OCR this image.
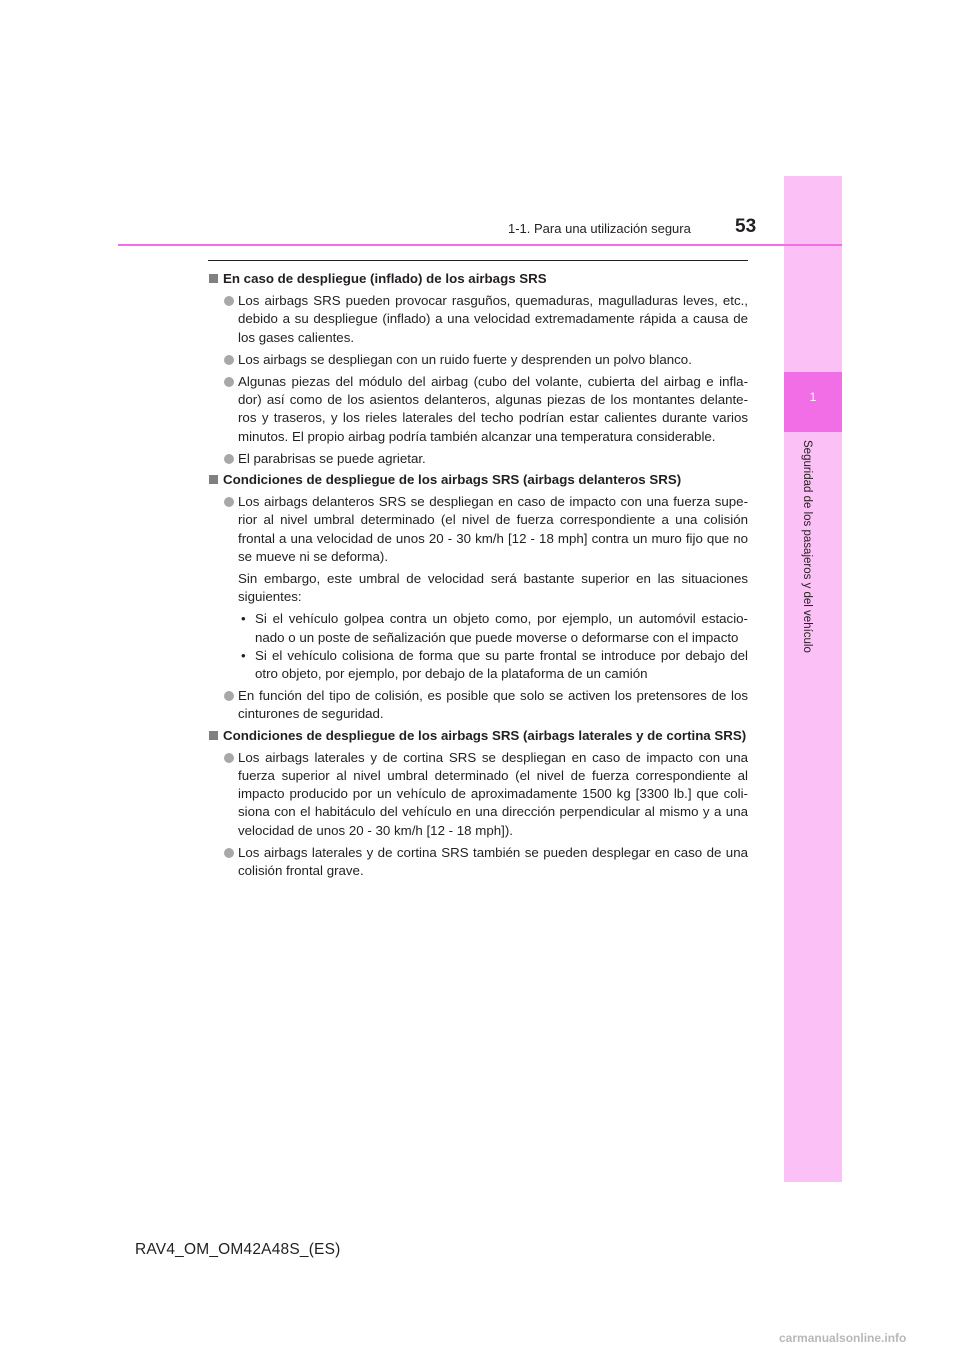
1
Seguridad de los pasajeros y del vehículo
1-1. Para una utilización segura 53
En caso de despliegue (inflado) de los airbags SRS
Los airbags SRS pueden provocar rasguños, quemaduras, magulladuras leves, etc., debido a su despliegue (inflado) a una velocidad extremadamente rápida a causa de los gases calientes.
Los airbags se despliegan con un ruido fuerte y desprenden un polvo blanco.
Algunas piezas del módulo del airbag (cubo del volante, cubierta del airbag e infla-dor) así como de los asientos delanteros, algunas piezas de los montantes delante-ros y traseros, y los rieles laterales del techo podrían estar calientes durante varios minutos. El propio airbag podría también alcanzar una temperatura considerable.
El parabrisas se puede agrietar.
Condiciones de despliegue de los airbags SRS (airbags delanteros SRS)
Los airbags delanteros SRS se despliegan en caso de impacto con una fuerza supe-rior al nivel umbral determinado (el nivel de fuerza correspondiente a una colisión frontal a una velocidad de unos 20 - 30 km/h [12 - 18 mph] contra un muro fijo que no se mueve ni se deforma).
Sin embargo, este umbral de velocidad será bastante superior en las situaciones siguientes:
• Si el vehículo golpea contra un objeto como, por ejemplo, un automóvil estacio-nado o un poste de señalización que puede moverse o deformarse con el impacto
• Si el vehículo colisiona de forma que su parte frontal se introduce por debajo del otro objeto, por ejemplo, por debajo de la plataforma de un camión
En función del tipo de colisión, es posible que solo se activen los pretensores de los cinturones de seguridad.
Condiciones de despliegue de los airbags SRS (airbags laterales y de cortina SRS)
Los airbags laterales y de cortina SRS se despliegan en caso de impacto con una fuerza superior al nivel umbral determinado (el nivel de fuerza correspondiente al impacto producido por un vehículo de aproximadamente 1500 kg [3300 lb.] que coli-siona con el habitáculo del vehículo en una dirección perpendicular al mismo y a una velocidad de unos 20 - 30 km/h [12 - 18 mph]).
Los airbags laterales y de cortina SRS también se pueden desplegar en caso de una colisión frontal grave.
RAV4_OM_OM42A48S_(ES)
carmanualsonline.info
